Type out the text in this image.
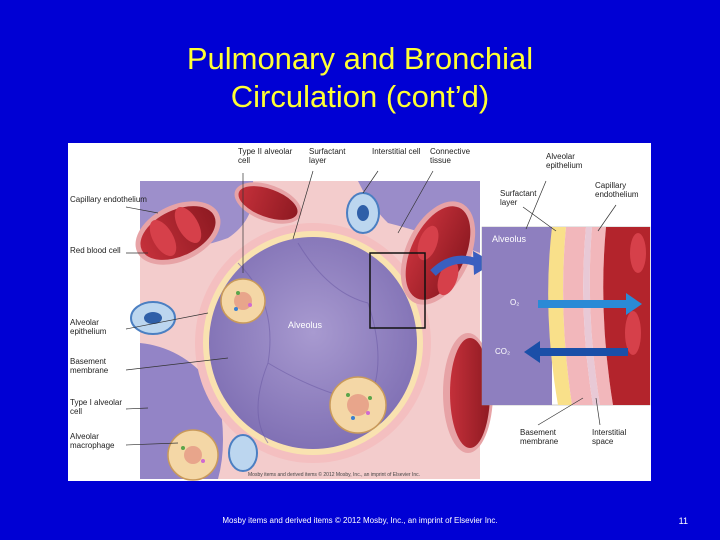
Pulmonary and Bronchial
Circulation (cont’d)
Capillary endothelium
Red blood cell
Alveolar epithelium
Basement membrane
Type I alveolar cell
Alveolar macrophage
Type II alveolar cell
Surfactant layer
Interstitial cell Connective tissue	Alveolar epithelium
Surfactant layer
Capillary endothelium
Alveolus
Alveolus
O₂
CO₂
Basement membrane
Interstitial space
Mosby items and derived items © 2012 Mosby, Inc., an imprint of Elsevier Inc.
Mosby items and derived items © 2012 Mosby, Inc., an imprint of Elsevier Inc.	11
